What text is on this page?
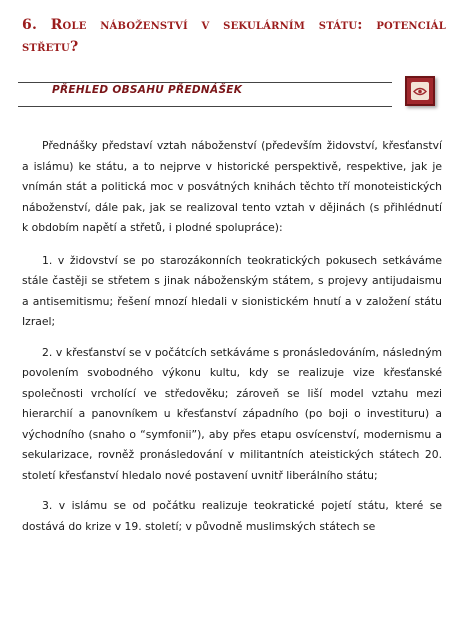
6. Role náboženství v sekulárním státu: potenciál střetu?
PŘEHLED OBSAHU PŘEDNÁŠEK

Přednášky představí vztah náboženství (především židovství, křesťanství a islámu) ke státu, a to nejprve v historické perspektivě, respektive, jak je vnímán stát a politická moc v posvátných knihách těchto tří monoteistických náboženství, dále pak, jak se realizoval tento vztah v dějinách (s přihlédnutí k obdobím napětí a střetů, i plodné spolupráce):

1. v židovství se po starozákonních teokratických pokusech setkáváme stále častěji se střetem s jinak náboženským státem, s projevy antijudaismu a antisemitismu; řešení mnozí hledali v sionistickém hnutí a v založení státu Izrael;

2. v křesťanství se v počátcích setkáváme s pronásledováním, následným povolením svobodného výkonu kultu, kdy se realizuje vize křesťanské společnosti vrcholící ve středověku; zároveň se liší model vztahu mezi hierarchií a panovníkem u křesťanství západního (po boji o investituru) a východního (snaho o “symfonii”), aby přes etapu osvícenství, modernismu a sekularizace, rovněž pronásledování v militantních ateistických státech 20. století křesťanství hledalo nové postavení uvnitř liberálního státu;

3. v islámu se od počátku realizuje teokratické pojetí státu, které se dostává do krize v 19. století; v původně muslimských státech se
